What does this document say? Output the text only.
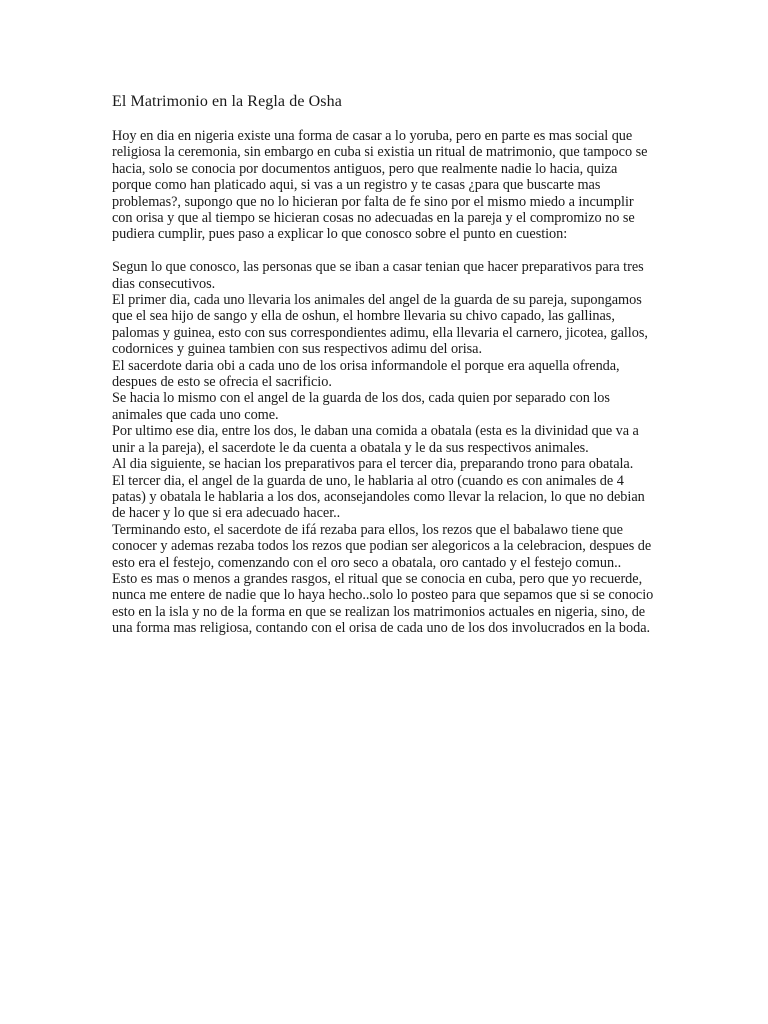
El Matrimonio en la Regla de Osha

Hoy en dia en nigeria existe una forma de casar a lo yoruba, pero en parte es mas social que religiosa la ceremonia, sin embargo en cuba si existia un ritual de matrimonio, que tampoco se hacia, solo se conocia por documentos antiguos, pero que realmente nadie lo hacia, quiza porque como han platicado aqui, si vas a un registro y te casas ¿para que buscarte mas problemas?, supongo que no lo hicieran por falta de fe sino por el mismo miedo a incumplir con orisa y que al tiempo se hicieran cosas no adecuadas en la pareja y el compromizo no se pudiera cumplir, pues paso a explicar lo que conosco sobre el punto en cuestion:

Segun lo que conosco, las personas que se iban a casar tenian que hacer preparativos para tres dias consecutivos.

El primer dia, cada uno llevaria los animales del angel de la guarda de su pareja, supongamos que el sea hijo de sango y ella de oshun, el hombre llevaria su chivo capado, las gallinas, palomas y guinea, esto con sus correspondientes adimu, ella llevaria el carnero, jicotea, gallos, codornices y guinea tambien con sus respectivos adimu del orisa.

El sacerdote daria obi a cada uno de los orisa informandole el porque era aquella ofrenda, despues de esto se ofrecia el sacrificio.

Se hacia lo mismo con el angel de la guarda de los dos, cada quien por separado con los animales que cada uno come.

Por ultimo ese dia, entre los dos, le daban una comida a obatala (esta es la divinidad que va a unir a la pareja), el sacerdote le da cuenta a obatala y le da sus respectivos animales.

Al dia siguiente, se hacian los preparativos para el tercer dia, preparando trono para obatala.

El tercer dia, el angel de la guarda de uno, le hablaria al otro (cuando es con animales de 4 patas) y obatala le hablaria a los dos, aconsejandoles como llevar la relacion, lo que no debian de hacer y lo que si era adecuado hacer..

Terminando esto, el sacerdote de ifá rezaba para ellos, los rezos que el babalawo tiene que conocer y ademas rezaba todos los rezos que podian ser alegoricos a la celebracion, despues de esto era el festejo, comenzando con el oro seco a obatala, oro cantado y el festejo comun..

Esto es mas o menos a grandes rasgos, el ritual que se conocia en cuba, pero que yo recuerde, nunca me entere de nadie que lo haya hecho..solo lo posteo para que sepamos que si se conocio esto en la isla y no de la forma en que se realizan los matrimonios actuales en nigeria, sino, de una forma mas religiosa, contando con el orisa de cada uno de los dos involucrados en la boda.
